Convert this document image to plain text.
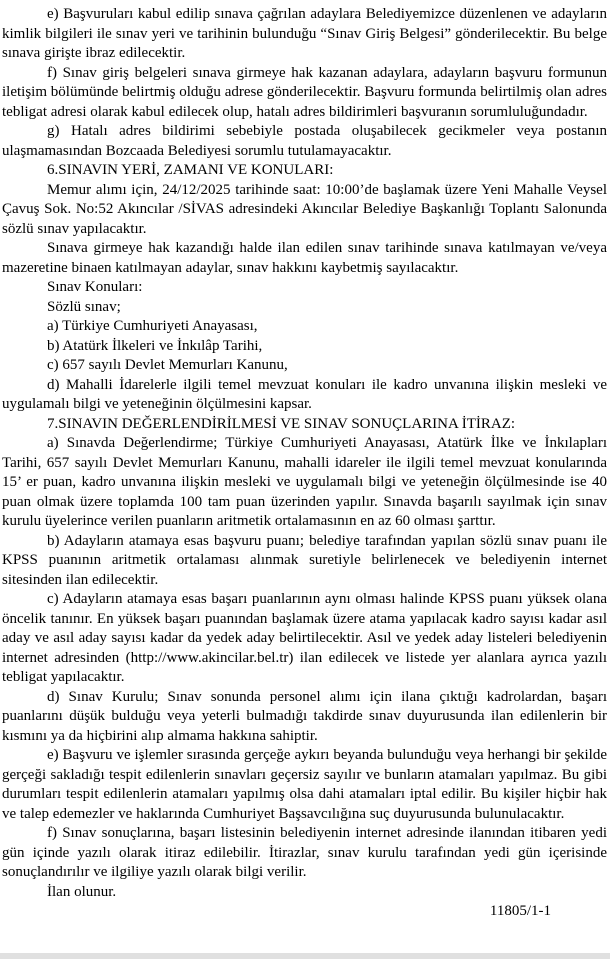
e) Başvuruları kabul edilip sınava çağrılan adaylara Belediyemizce düzenlenen ve adayların kimlik bilgileri ile sınav yeri ve tarihinin bulunduğu “Sınav Giriş Belgesi” gönderilecektir. Bu belge sınava girişte ibraz edilecektir.

f) Sınav giriş belgeleri sınava girmeye hak kazanan adaylara, adayların başvuru formunun iletişim bölümünde belirtmiş olduğu adrese gönderilecektir. Başvuru formunda belirtilmiş olan adres tebligat adresi olarak kabul edilecek olup, hatalı adres bildirimleri başvuranın sorumluluğundadır.

g) Hatalı adres bildirimi sebebiyle postada oluşabilecek gecikmeler veya postanın ulaşmamasından Bozcaada Belediyesi sorumlu tutulamayacaktır.

6.SINAVIN YERİ, ZAMANI VE KONULARI:

Memur alımı için, 24/12/2025 tarihinde saat: 10:00’de başlamak üzere Yeni Mahalle Veysel Çavuş Sok. No:52 Akıncılar /SİVAS adresindeki Akıncılar Belediye Başkanlığı Toplantı Salonunda sözlü sınav yapılacaktır.

Sınava girmeye hak kazandığı halde ilan edilen sınav tarihinde sınava katılmayan ve/veya mazeretine binaen katılmayan adaylar, sınav hakkını kaybetmiş sayılacaktır.

Sınav Konuları:

Sözlü sınav;

a) Türkiye Cumhuriyeti Anayasası,

b) Atatürk İlkeleri ve İnkılâp Tarihi,

c) 657 sayılı Devlet Memurları Kanunu,

d) Mahalli İdarelerle ilgili temel mevzuat konuları ile kadro unvanına ilişkin mesleki ve uygulamalı bilgi ve yeteneğinin ölçülmesini kapsar.

7.SINAVIN DEĞERLENDİRİLMESİ VE SINAV SONUÇLARINA İTİRAZ:

a) Sınavda Değerlendirme; Türkiye Cumhuriyeti Anayasası, Atatürk İlke ve İnkılapları Tarihi, 657 sayılı Devlet Memurları Kanunu, mahalli idareler ile ilgili temel mevzuat konularında 15’ er puan, kadro unvanına ilişkin mesleki ve uygulamalı bilgi ve yeteneğin ölçülmesinde ise 40 puan olmak üzere toplamda 100 tam puan üzerinden yapılır. Sınavda başarılı sayılmak için sınav kurulu üyelerince verilen puanların aritmetik ortalamasının en az 60 olması şarttır.

b) Adayların atamaya esas başvuru puanı; belediye tarafından yapılan sözlü sınav puanı ile KPSS puanının aritmetik ortalaması alınmak suretiyle belirlenecek ve belediyenin internet sitesinden ilan edilecektir.

c) Adayların atamaya esas başarı puanlarının aynı olması halinde KPSS puanı yüksek olana öncelik tanınır. En yüksek başarı puanından başlamak üzere atama yapılacak kadro sayısı kadar asıl aday ve asıl aday sayısı kadar da yedek aday belirtilecektir. Asıl ve yedek aday listeleri belediyenin internet adresinden (http://www.akincilar.bel.tr) ilan edilecek ve listede yer alanlara ayrıca yazılı tebligat yapılacaktır.

d) Sınav Kurulu; Sınav sonunda personel alımı için ilana çıktığı kadrolardan, başarı puanlarını düşük bulduğu veya yeterli bulmadığı takdirde sınav duyurusunda ilan edilenlerin bir kısmını ya da hiçbirini alıp almama hakkına sahiptir.

e) Başvuru ve işlemler sırasında gerçeğe aykırı beyanda bulunduğu veya herhangi bir şekilde gerçeği sakladığı tespit edilenlerin sınavları geçersiz sayılır ve bunların atamaları yapılmaz. Bu gibi durumları tespit edilenlerin atamaları yapılmış olsa dahi atamaları iptal edilir. Bu kişiler hiçbir hak ve talep edemezler ve haklarında Cumhuriyet Başsavcılığına suç duyurusunda bulunulacaktır.

f) Sınav sonuçlarına, başarı listesinin belediyenin internet adresinde ilanından itibaren yedi gün içinde yazılı olarak itiraz edilebilir. İtirazlar, sınav kurulu tarafından yedi gün içerisinde sonuçlandırılır ve ilgiliye yazılı olarak bilgi verilir.

İlan olunur.

11805/1-1
